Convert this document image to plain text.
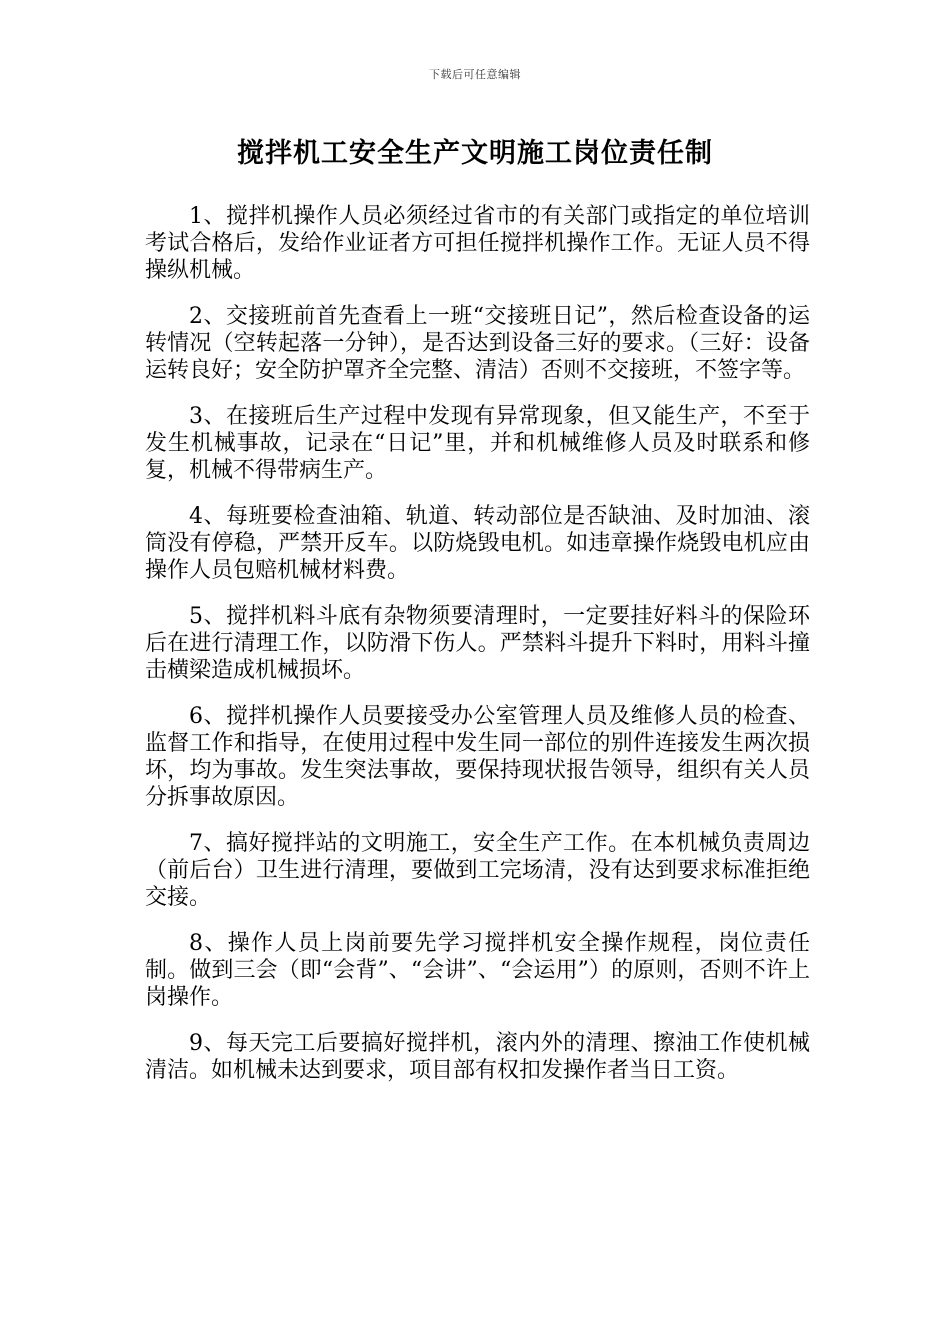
下载后可任意编辑
搅拌机工安全生产文明施工岗位责任制

1、搅拌机操作人员必须经过省市的有关部门或指定的单位培训考试合格后，发给作业证者方可担任搅拌机操作工作。无证人员不得操纵机械。

2、交接班前首先查看上一班“交接班日记”，然后检查设备的运转情况（空转起落一分钟），是否达到设备三好的要求。（三好：设备运转良好；安全防护罩齐全完整、清洁）否则不交接班，不签字等。

3、在接班后生产过程中发现有异常现象，但又能生产，不至于发生机械事故，记录在“日记”里，并和机械维修人员及时联系和修复，机械不得带病生产。

4、每班要检查油箱、轨道、转动部位是否缺油、及时加油、滚筒没有停稳，严禁开反车。以防烧毁电机。如违章操作烧毁电机应由操作人员包赔机械材料费。

5、搅拌机料斗底有杂物须要清理时，一定要挂好料斗的保险环后在进行清理工作，以防滑下伤人。严禁料斗提升下料时，用料斗撞击横梁造成机械损坏。

6、搅拌机操作人员要接受办公室管理人员及维修人员的检查、监督工作和指导，在使用过程中发生同一部位的别件连接发生两次损坏，均为事故。发生突法事故，要保持现状报告领导，组织有关人员分拆事故原因。

7、搞好搅拌站的文明施工，安全生产工作。在本机械负责周边（前后台）卫生进行清理，要做到工完场清，没有达到要求标准拒绝交接。

8、操作人员上岗前要先学习搅拌机安全操作规程，岗位责任制。做到三会（即“会背”、“会讲”、“会运用”）的原则，否则不许上岗操作。

9、每天完工后要搞好搅拌机，滚内外的清理、擦油工作使机械清洁。如机械未达到要求，项目部有权扣发操作者当日工资。
